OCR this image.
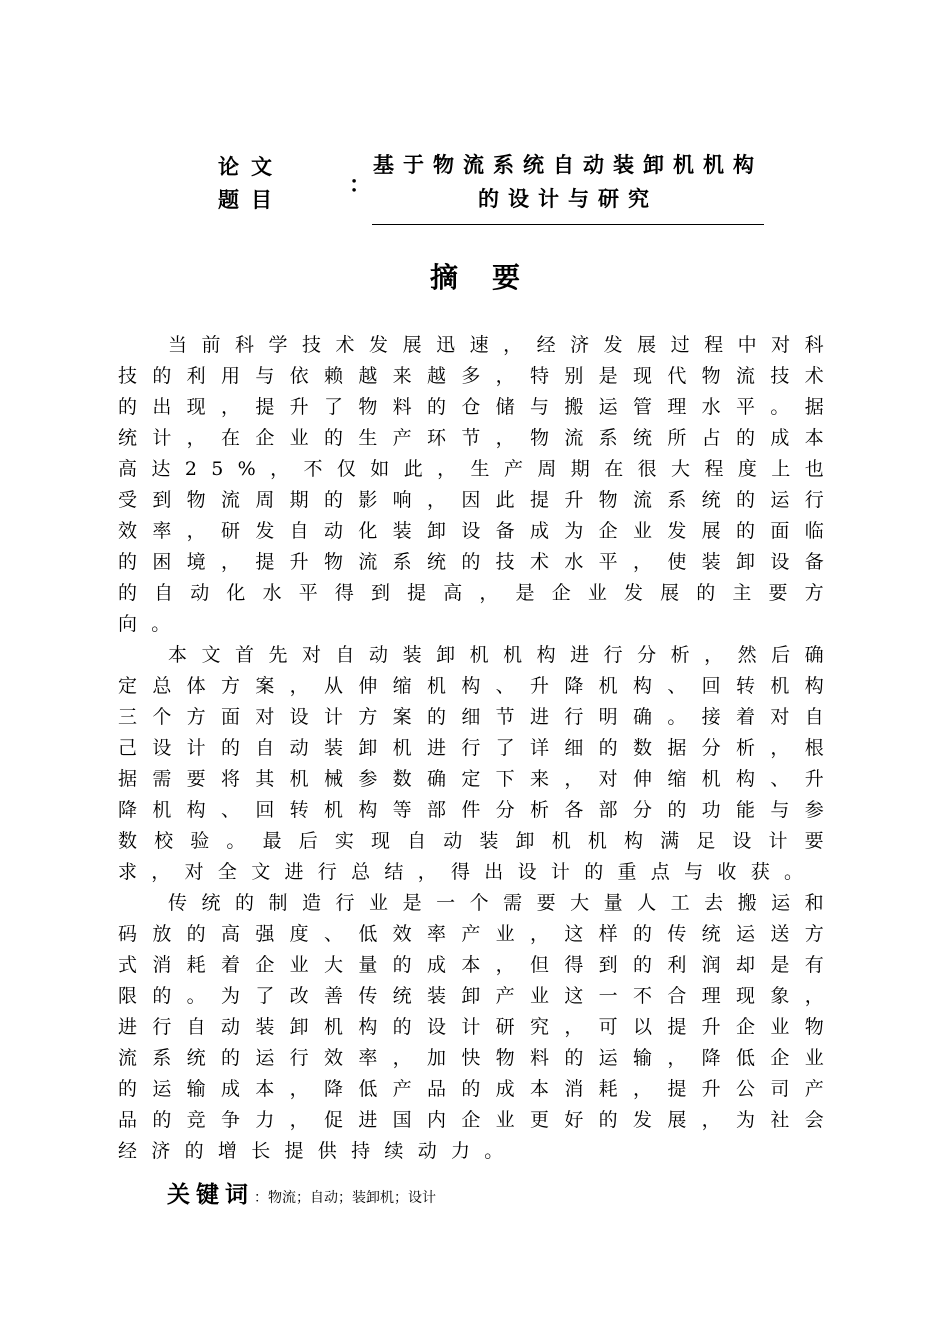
论文题目
：
基于物流系统自动装卸机机构的设计与研究
摘要

当前科学技术发展迅速，经济发展过程中对科技的利用与依赖越来越多，特别是现代物流技术的出现，提升了物料的仓储与搬运管理水平。据统计，在企业的生产环节，物流系统所占的成本高达25%，不仅如此，生产周期在很大程度上也受到物流周期的影响，因此提升物流系统的运行效率，研发自动化装卸设备成为企业发展的面临的困境，提升物流系统的技术水平，使装卸设备的自动化水平得到提高，是企业发展的主要方向。

本文首先对自动装卸机机构进行分析，然后确定总体方案，从伸缩机构、升降机构、回转机构三个方面对设计方案的细节进行明确。接着对自己设计的自动装卸机进行了详细的数据分析，根据需要将其机械参数确定下来，对伸缩机构、升降机构、回转机构等部件分析各部分的功能与参数校验。最后实现自动装卸机机构满足设计要求，对全文进行总结，得出设计的重点与收获。

传统的制造行业是一个需要大量人工去搬运和码放的高强度、低效率产业，这样的传统运送方式消耗着企业大量的成本，但得到的利润却是有限的。为了改善传统装卸产业这一不合理现象，进行自动装卸机构的设计研究，可以提升企业物流系统的运行效率，加快物料的运输，降低企业的运输成本，降低产品的成本消耗，提升公司产品的竞争力，促进国内企业更好的发展，为社会经济的增长提供持续动力。

关键词：物流；自动；装卸机；设计
